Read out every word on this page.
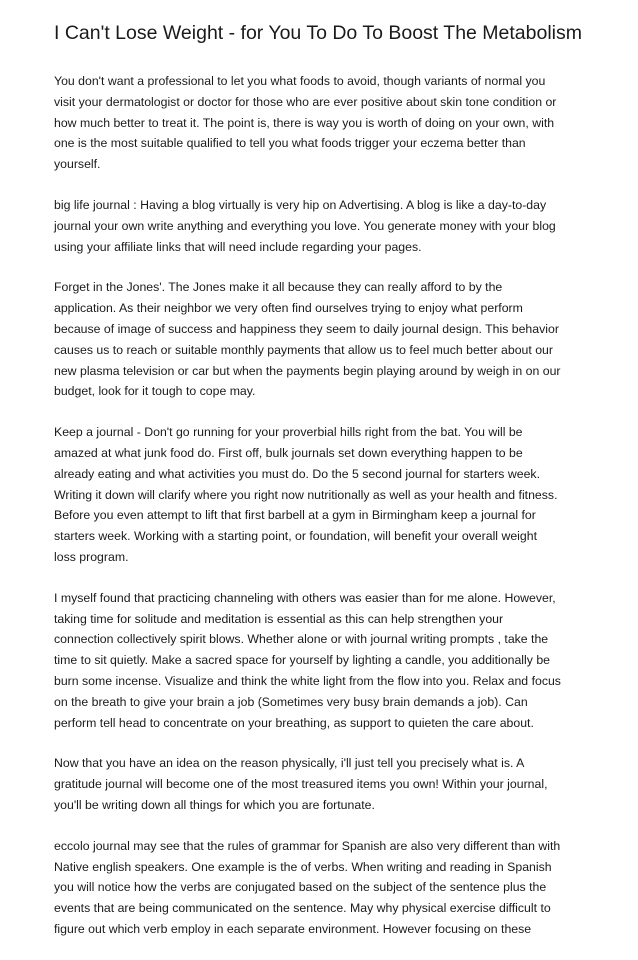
I Can't Lose Weight - for You To Do To Boost The Metabolism

You don't want a professional to let you what foods to avoid, though variants of normal you
visit your dermatologist or doctor for those who are ever positive about skin tone condition or
how much better to treat it. The point is, there is way you is worth of doing on your own, with
one is the most suitable qualified to tell you what foods trigger your eczema better than
yourself.

big life journal : Having a blog virtually is very hip on Advertising. A blog is like a day-to-day
journal your own write anything and everything you love. You generate money with your blog
using your affiliate links that will need include regarding your pages.

Forget in the Jones'. The Jones make it all because they can really afford to by the
application. As their neighbor we very often find ourselves trying to enjoy what perform
because of image of success and happiness they seem to daily journal design. This behavior
causes us to reach or suitable monthly payments that allow us to feel much better about our
new plasma television or car but when the payments begin playing around by weigh in on our
budget, look for it tough to cope may.

Keep a journal - Don't go running for your proverbial hills right from the bat. You will be
amazed at what junk food do. First off, bulk journals set down everything happen to be
already eating and what activities you must do. Do the 5 second journal for starters week.
Writing it down will clarify where you right now nutritionally as well as your health and fitness.
Before you even attempt to lift that first barbell at a gym in Birmingham keep a journal for
starters week. Working with a starting point, or foundation, will benefit your overall weight
loss program.

I myself found that practicing channeling with others was easier than for me alone. However,
taking time for solitude and meditation is essential as this can help strengthen your
connection collectively spirit blows. Whether alone or with journal writing prompts , take the
time to sit quietly. Make a sacred space for yourself by lighting a candle, you additionally be
burn some incense. Visualize and think the white light from the flow into you. Relax and focus
on the breath to give your brain a job (Sometimes very busy brain demands a job). Can
perform tell head to concentrate on your breathing, as support to quieten the care about.

Now that you have an idea on the reason physically, i'll just tell you precisely what is. A
gratitude journal will become one of the most treasured items you own! Within your journal,
you'll be writing down all things for which you are fortunate.

eccolo journal may see that the rules of grammar for Spanish are also very different than with
Native english speakers. One example is the of verbs. When writing and reading in Spanish
you will notice how the verbs are conjugated based on the subject of the sentence plus the
events that are being communicated on the sentence. May why physical exercise difficult to
figure out which verb employ in each separate environment. However focusing on these
